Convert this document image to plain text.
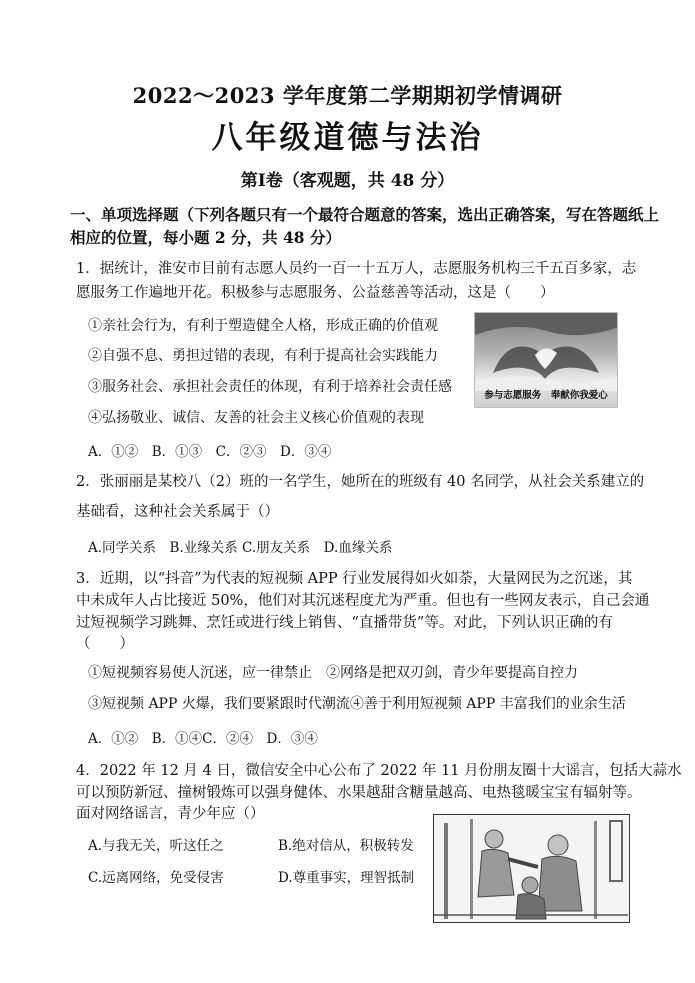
2022～2023 学年度第二学期期初学情调研
八年级道德与法治
第Ⅰ卷（客观题，共 48 分）
一、单项选择题（下列各题只有一个最符合题意的答案，选出正确答案，写在答题纸上
相应的位置，每小题 2 分，共 48 分）
1．据统计，淮安市目前有志愿人员约一百一十五万人，志愿服务机构三千五百多家，志
愿服务工作遍地开花。积极参与志愿服务、公益慈善等活动，这是（　　）
①亲社会行为，有利于塑造健全人格，形成正确的价值观
②自强不息、勇担过错的表现，有利于提高社会实践能力
③服务社会、承担社会责任的体现，有利于培养社会责任感
④弘扬敬业、诚信、友善的社会主义核心价值观的表现
A．①②　B．①③　C．②③　D．③④
参与志愿服务　奉献你我爱心
2．张丽丽是某校八（2）班的一名学生，她所在的班级有 40 名同学，从社会关系建立的
基础看，这种社会关系属于（）
A.同学关系　B.业缘关系 C.朋友关系　D.血缘关系
3．近期，以“抖音”为代表的短视频 APP 行业发展得如火如荼，大量网民为之沉迷，其
中未成年人占比接近 50%，他们对其沉迷程度尤为严重。但也有一些网友表示，自己会通
过短视频学习跳舞、烹饪或进行线上销售、“直播带货”等。对此，下列认识正确的有
（　　）
①短视频容易使人沉迷，应一律禁止　②网络是把双刃剑，青少年要提高自控力
③短视频 APP 火爆，我们要紧跟时代潮流④善于利用短视频 APP 丰富我们的业余生活
A．①②　B．①④C．②④　D．③④
4．2022 年 12 月 4 日，微信安全中心公布了 2022 年 11 月份朋友圈十大谣言，包括大蒜水
可以预防新冠、撞树锻炼可以强身健体、水果越甜含糖量越高、电热毯暖宝宝有辐射等。
面对网络谣言，青少年应（）
A.与我无关，听这任之	B.绝对信从，积极转发
C.远离网络，免受侵害	D.尊重事实，理智抵制
